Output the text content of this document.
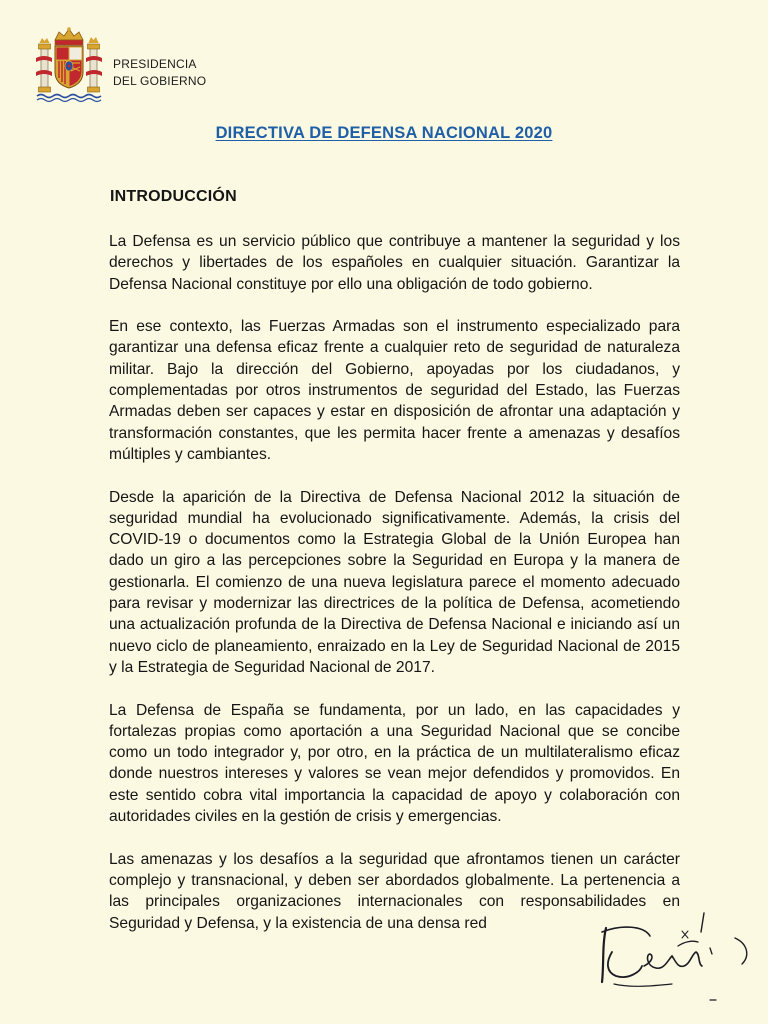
PRESIDENCIA
DEL GOBIERNO
DIRECTIVA DE DEFENSA NACIONAL 2020
INTRODUCCIÓN

La Defensa es un servicio público que contribuye a mantener la seguridad y los derechos y libertades de los españoles en cualquier situación. Garantizar la Defensa Nacional constituye por ello una obligación de todo gobierno.

En ese contexto, las Fuerzas Armadas son el instrumento especializado para garantizar una defensa eficaz frente a cualquier reto de seguridad de naturaleza militar. Bajo la dirección del Gobierno, apoyadas por los ciudadanos, y complementadas por otros instrumentos de seguridad del Estado, las Fuerzas Armadas deben ser capaces y estar en disposición de afrontar una adaptación y transformación constantes, que les permita hacer frente a amenazas y desafíos múltiples y cambiantes.

Desde la aparición de la Directiva de Defensa Nacional 2012 la situación de seguridad mundial ha evolucionado significativamente. Además, la crisis del COVID-19 o documentos como la Estrategia Global de la Unión Europea han dado un giro a las percepciones sobre la Seguridad en Europa y la manera de gestionarla. El comienzo de una nueva legislatura parece el momento adecuado para revisar y modernizar las directrices de la política de Defensa, acometiendo una actualización profunda de la Directiva de Defensa Nacional e iniciando así un nuevo ciclo de planeamiento, enraizado en la Ley de Seguridad Nacional de 2015 y la Estrategia de Seguridad Nacional de 2017.

La Defensa de España se fundamenta, por un lado, en las capacidades y fortalezas propias como aportación a una Seguridad Nacional que se concibe como un todo integrador y, por otro, en la práctica de un multilateralismo eficaz donde nuestros intereses y valores se vean mejor defendidos y promovidos. En este sentido cobra vital importancia la capacidad de apoyo y colaboración con autoridades civiles en la gestión de crisis y emergencias.

Las amenazas y los desafíos a la seguridad que afrontamos tienen un carácter complejo y transnacional, y deben ser abordados globalmente. La pertenencia a las principales organizaciones internacionales con responsabilidades en Seguridad y Defensa, y la existencia de una densa red
